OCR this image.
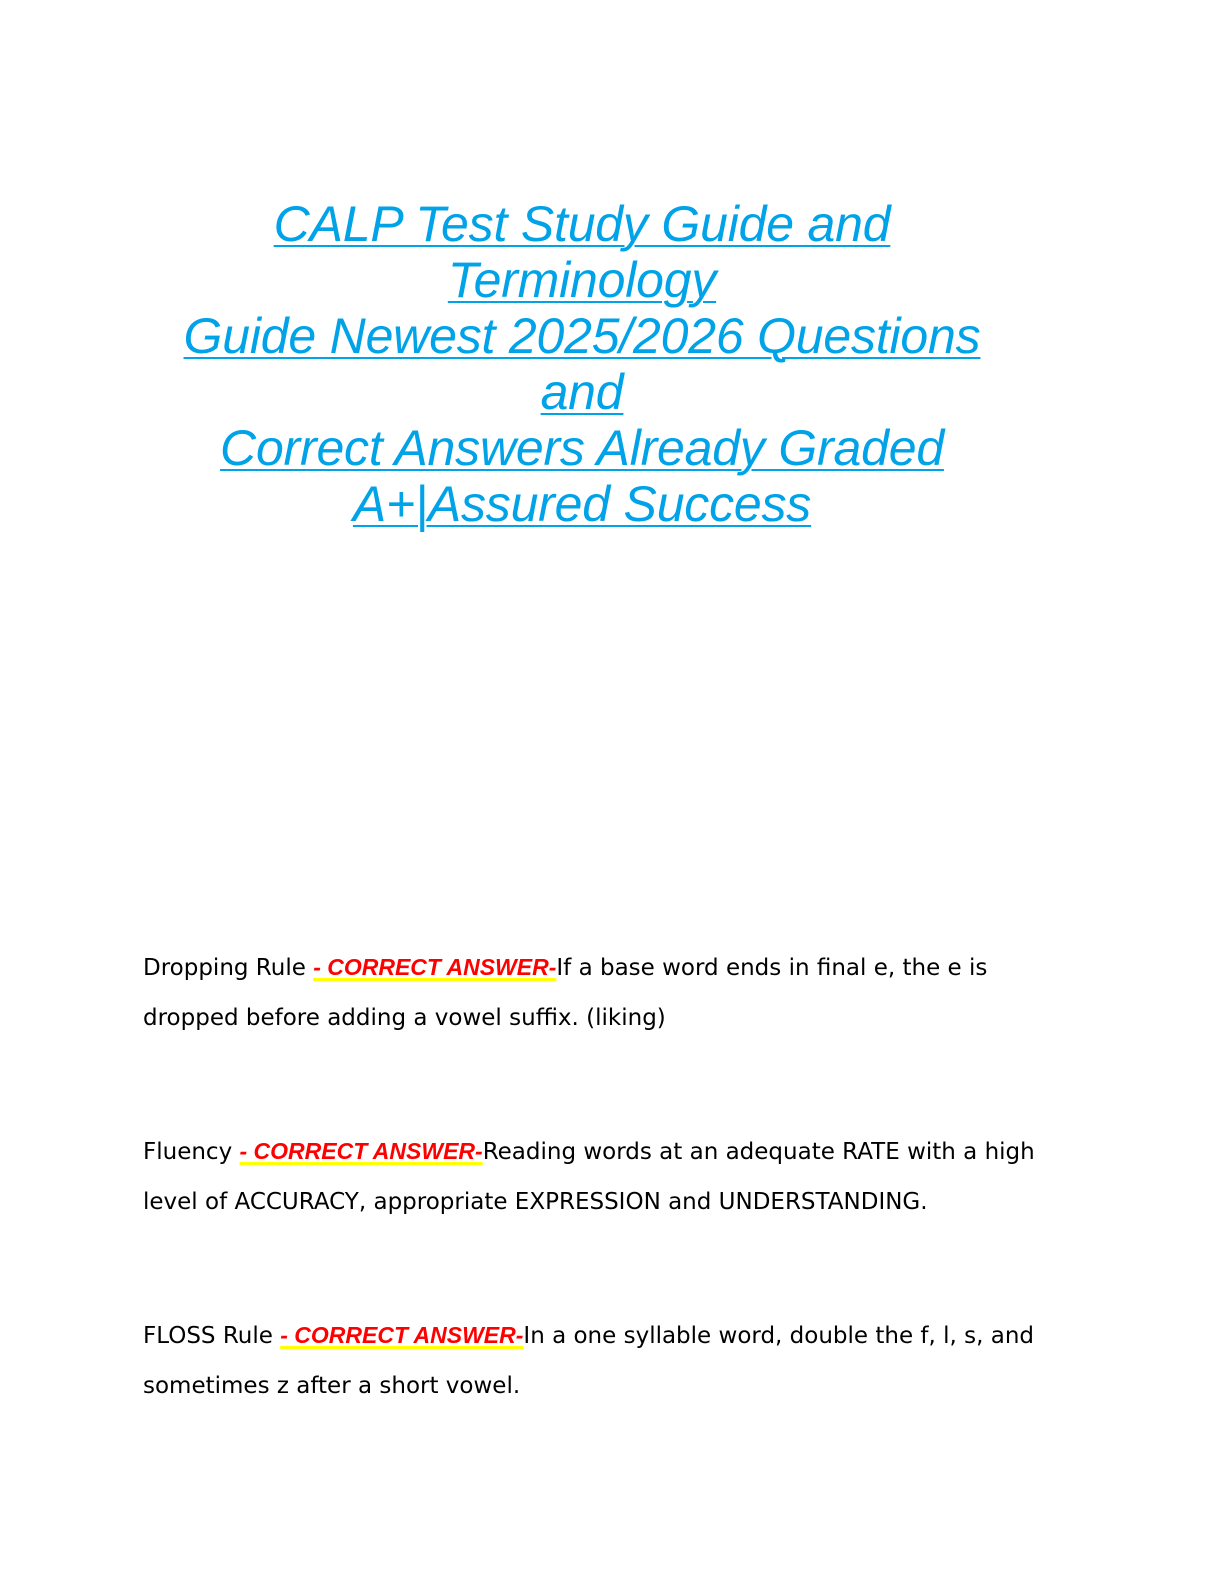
CALP Test Study Guide and Terminology
Guide Newest 2025/2026 Questions and
Correct Answers Already Graded
A+|Assured Success

Dropping Rule - CORRECT ANSWER-If a base word ends in final e, the e is dropped before adding a vowel suffix. (liking)

Fluency - CORRECT ANSWER-Reading words at an adequate RATE with a high level of ACCURACY, appropriate EXPRESSION and UNDERSTANDING.

FLOSS Rule - CORRECT ANSWER-In a one syllable word, double the f, l, s, and sometimes z after a short vowel.
